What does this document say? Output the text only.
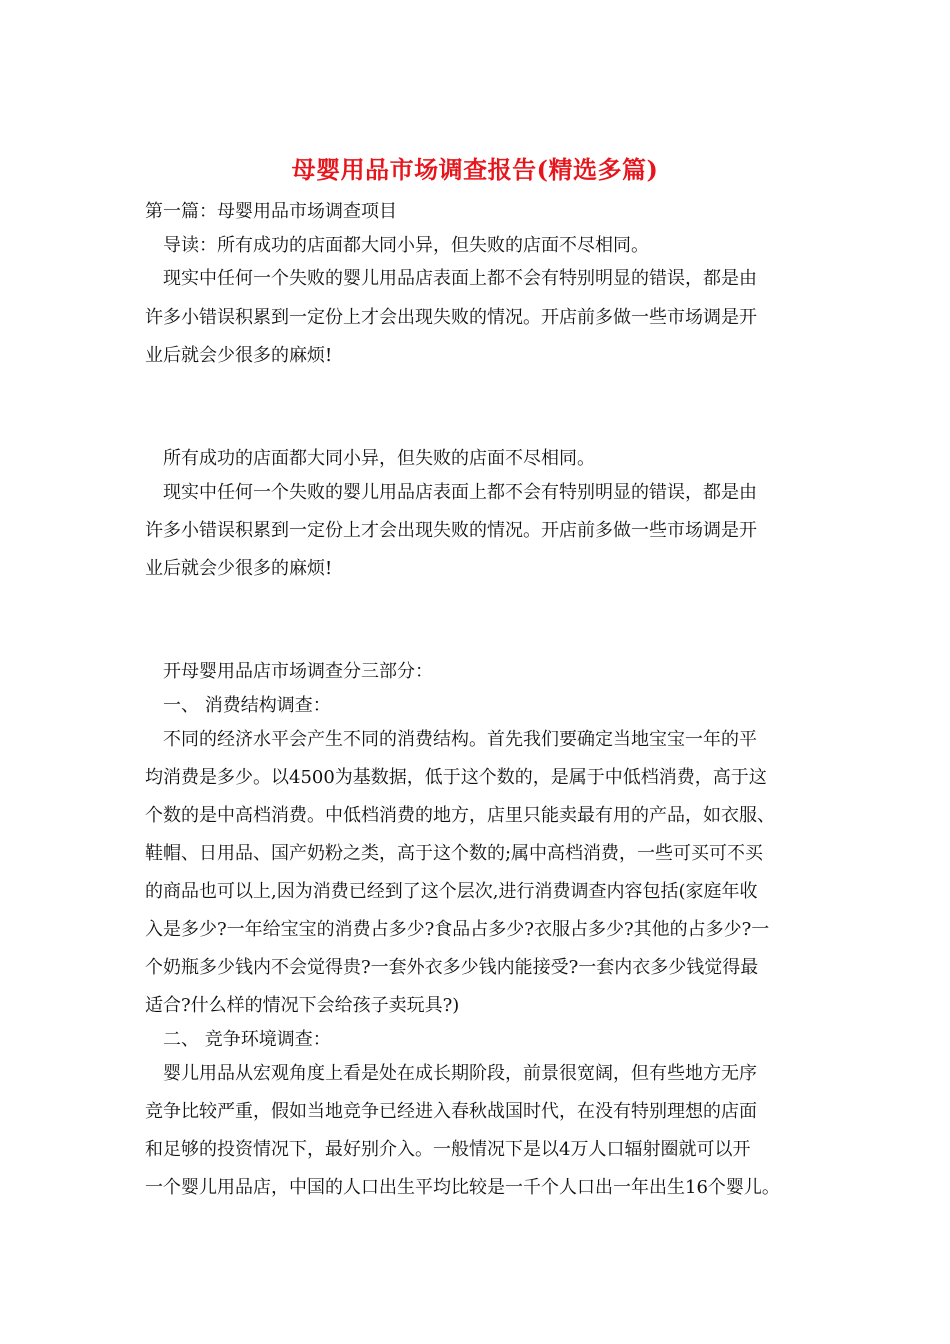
母婴用品市场调查报告(精选多篇)
第一篇：母婴用品市场调查项目
导读：所有成功的店面都大同小异，但失败的店面不尽相同。
现实中任何一个失败的婴儿用品店表面上都不会有特别明显的错误，都是由
许多小错误积累到一定份上才会出现失败的情况。开店前多做一些市场调是开
业后就会少很多的麻烦!
所有成功的店面都大同小异，但失败的店面不尽相同。
现实中任何一个失败的婴儿用品店表面上都不会有特别明显的错误，都是由
许多小错误积累到一定份上才会出现失败的情况。开店前多做一些市场调是开
业后就会少很多的麻烦!
开母婴用品店市场调查分三部分：
一、 消费结构调查：
不同的经济水平会产生不同的消费结构。首先我们要确定当地宝宝一年的平
均消费是多少。以4500为基数据，低于这个数的，是属于中低档消费，高于这
个数的是中高档消费。中低档消费的地方，店里只能卖最有用的产品，如衣服、
鞋帽、日用品、国产奶粉之类，高于这个数的;属中高档消费，一些可买可不买
的商品也可以上,因为消费已经到了这个层次,进行消费调查内容包括(家庭年收
入是多少?一年给宝宝的消费占多少?食品占多少?衣服占多少?其他的占多少?一
个奶瓶多少钱内不会觉得贵?一套外衣多少钱内能接受?一套内衣多少钱觉得最
适合?什么样的情况下会给孩子卖玩具?)
二、 竞争环境调查：
婴儿用品从宏观角度上看是处在成长期阶段，前景很宽阔，但有些地方无序
竞争比较严重，假如当地竞争已经进入春秋战国时代，在没有特别理想的店面
和足够的投资情况下，最好别介入。一般情况下是以4万人口辐射圈就可以开
一个婴儿用品店，中国的人口出生平均比较是一千个人口出一年出生16个婴儿。
